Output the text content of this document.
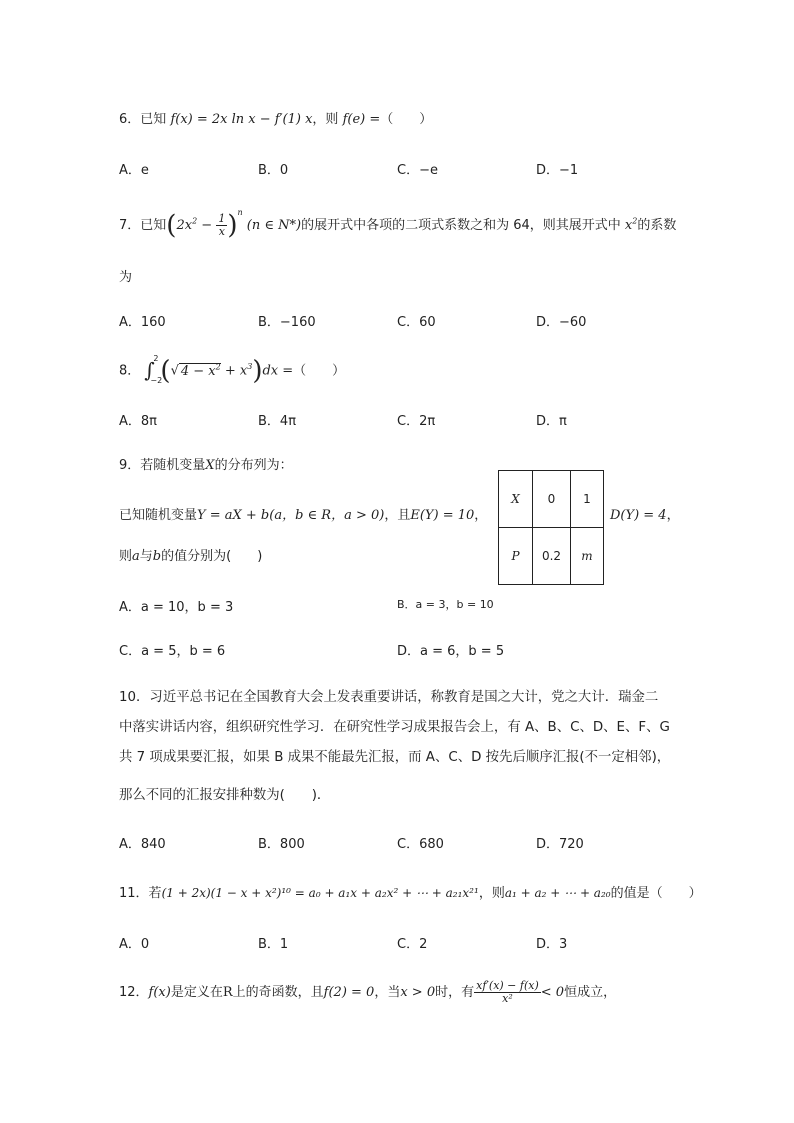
6．已知 f(x) = 2x ln x − f′(1) x，则 f(e) =（　　）
A．e	B．0	C．−e	D．−1
7．已知$(2x^2 - \frac{1}{x} )^n$ (n ∈ N*)的展开式中各项的二项式系数之和为 64，则其展开式中 $x^2$的系数
为
A．160	B．−160	C．60	D．−60
8． ∫
2
−2
(√ $4 - x^2 + x^3)dx$ =（　　）
A．8π	B．4π	C．2π	D．π
9．若随机变量X的分布列为：
已知随机变量Y = aX + b(a，b ∈ R，a > 0)，且E(Y) = 10，	D(Y) = 4，
则a与b的值分别为(　　)
X	0	1
P	0.2	m
A．a = 10，b = 3	B．a = 3，b = 10
C．a = 5，b = 6	D．a = 6，b = 5
10．习近平总书记在全国教育大会上发表重要讲话，称教育是国之大计，党之大计．瑞金二
中落实讲话内容，组织研究性学习．在研究性学习成果报告会上，有 A、B、C、D、E、F、G
共 7 项成果要汇报，如果 B 成果不能最先汇报，而 A、C、D 按先后顺序汇报(不一定相邻)，
那么不同的汇报安排种数为(　　)．
A．840	B．800	C．680	D．720
11．若(1 + 2x)(1 − x + x²)¹⁰ = a₀ + a₁x + a₂x² + ⋯ + a₂₁x²¹，则a₁ + a₂ + ⋯ + a₂₀的值是（　　）
A．0	B．1	C．2	D．3
12．f(x)是定义在R上的奇函数，且f(2) = 0，当x > 0时，有 $\frac{xf'(x) - f(x)}{\text{x²}} < 0$恒成立，
